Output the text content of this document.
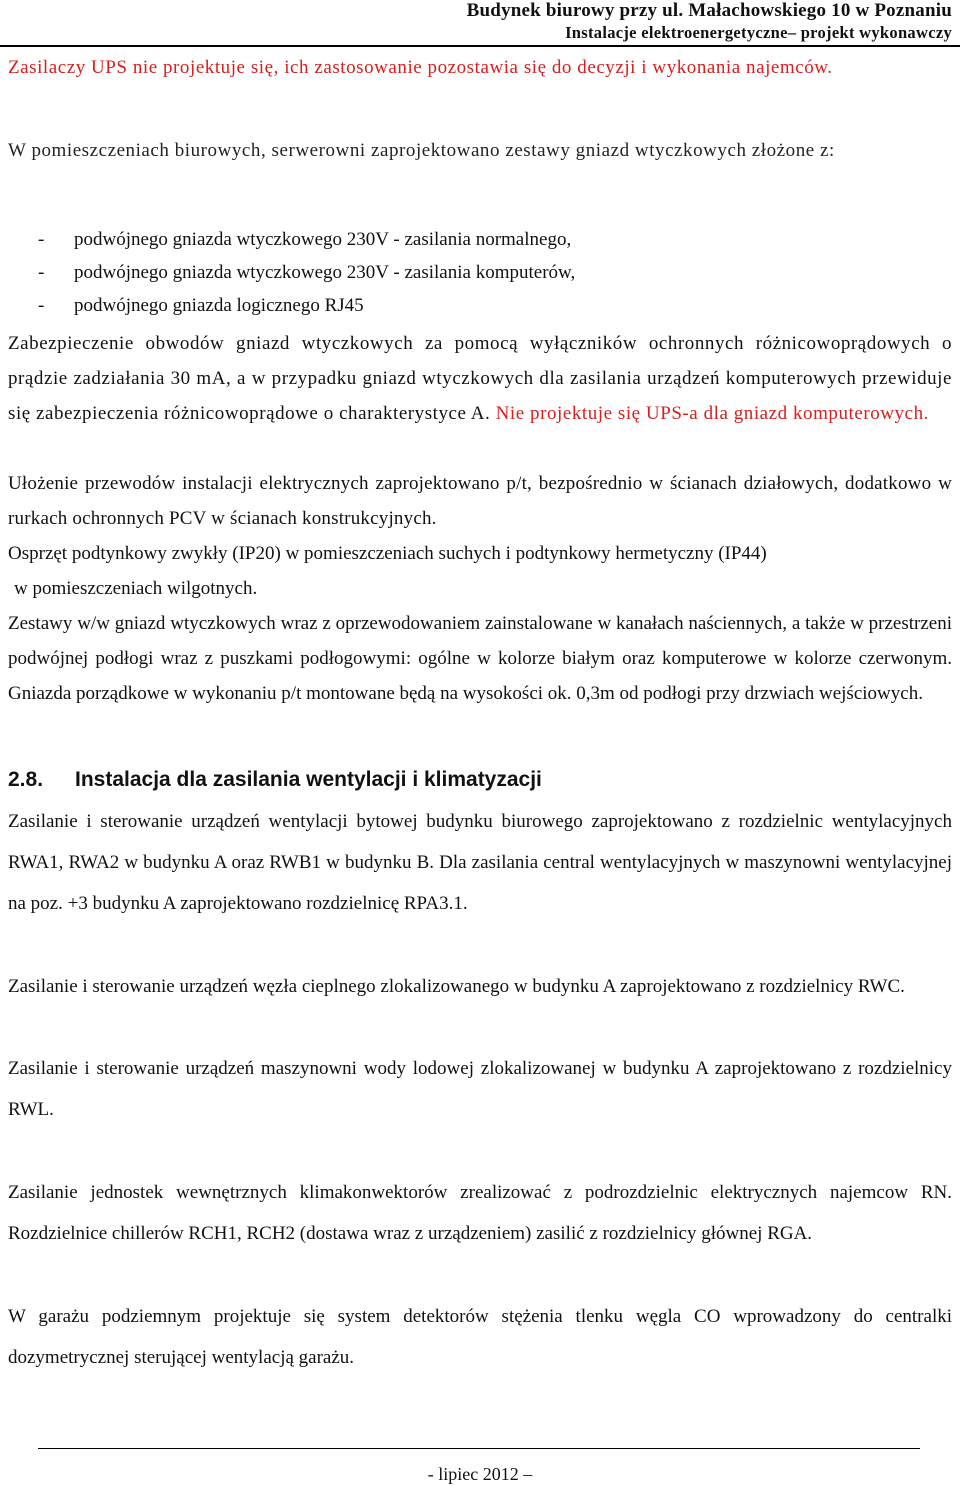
Budynek biurowy przy ul. Małachowskiego 10 w Poznaniu
Instalacje elektroenergetyczne– projekt wykonawczy

Zasilaczy UPS nie projektuje się, ich zastosowanie pozostawia się do decyzji i wykonania najemców.

W pomieszczeniach biurowych, serwerowni zaprojektowano zestawy gniazd wtyczkowych złożone z:

- podwójnego gniazda wtyczkowego 230V - zasilania normalnego,
- podwójnego gniazda wtyczkowego 230V - zasilania komputerów,
- podwójnego gniazda logicznego RJ45

Zabezpieczenie obwodów gniazd wtyczkowych za pomocą wyłączników ochronnych różnicowoprądowych o prądzie zadziałania 30 mA, a w przypadku gniazd wtyczkowych dla zasilania urządzeń komputerowych przewiduje się zabezpieczenia różnicowoprądowe o charakterystyce A. Nie projektuje się UPS-a dla gniazd komputerowych.

Ułożenie przewodów instalacji elektrycznych zaprojektowano p/t, bezpośrednio w ścianach działowych, dodatkowo w rurkach ochronnych PCV w ścianach konstrukcyjnych.

Osprzęt podtynkowy zwykły (IP20) w pomieszczeniach suchych i podtynkowy hermetyczny (IP44)

w pomieszczeniach wilgotnych.

Zestawy w/w gniazd wtyczkowych wraz z oprzewodowaniem zainstalowane w kanałach naściennych, a także w przestrzeni podwójnej podłogi wraz z puszkami podłogowymi: ogólne w kolorze białym oraz komputerowe w kolorze czerwonym. Gniazda porządkowe w wykonaniu p/t montowane będą na wysokości ok. 0,3m od podłogi przy drzwiach wejściowych.

2.8. Instalacja dla zasilania wentylacji i klimatyzacji

Zasilanie i sterowanie urządzeń wentylacji bytowej budynku biurowego zaprojektowano z rozdzielnic wentylacyjnych RWA1, RWA2 w budynku A oraz RWB1 w budynku B. Dla zasilania central wentylacyjnych w maszynowni wentylacyjnej na poz. +3 budynku A zaprojektowano rozdzielnicę RPA3.1.

Zasilanie i sterowanie urządzeń węzła cieplnego zlokalizowanego w budynku A zaprojektowano z rozdzielnicy RWC.

Zasilanie i sterowanie urządzeń maszynowni wody lodowej zlokalizowanej w budynku A zaprojektowano z rozdzielnicy RWL.

Zasilanie jednostek wewnętrznych klimakonwektorów zrealizować z podrozdzielnic elektrycznych najemcow RN. Rozdzielnice chillerów RCH1, RCH2 (dostawa wraz z urządzeniem) zasilić z rozdzielnicy głównej RGA.

W garażu podziemnym projektuje się system detektorów stężenia tlenku węgla CO wprowadzony do centralki dozymetrycznej sterującej wentylacją garażu.

- lipiec 2012 –
